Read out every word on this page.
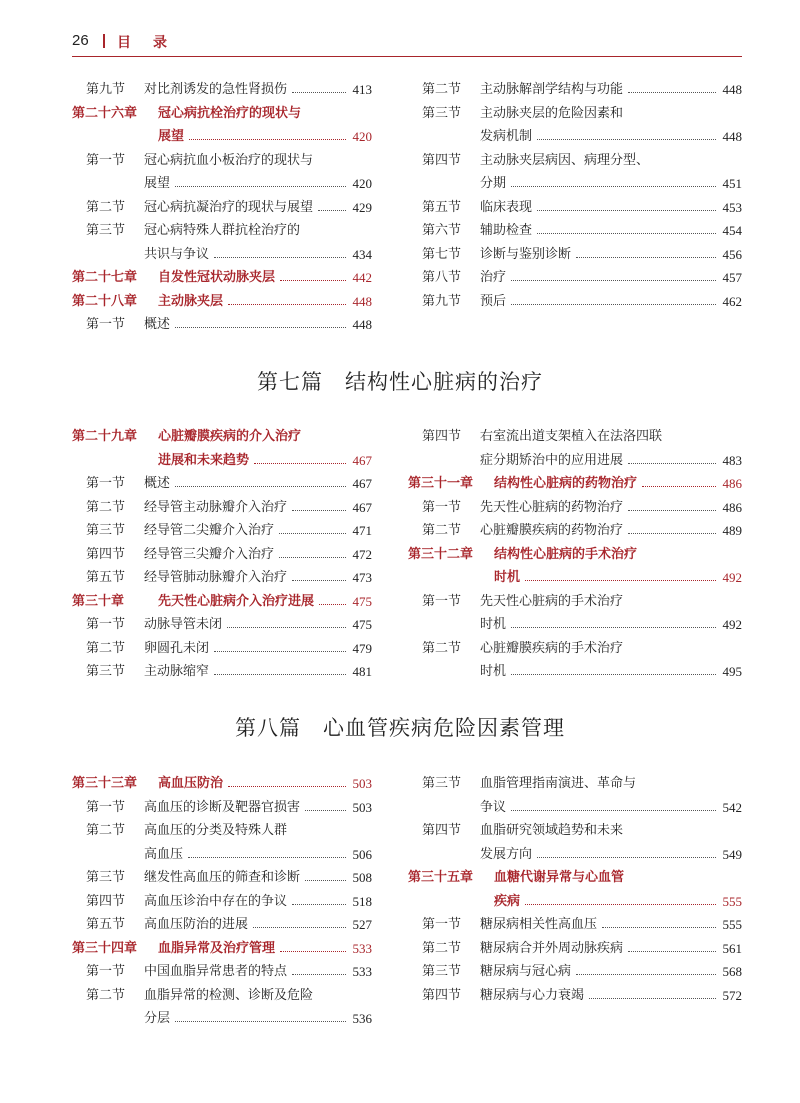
26 目录
第九节 对比剂诱发的急性肾损伤	413
第二十六章 冠心病抗栓治疗的现状与
展望	420
第一节 冠心病抗血小板治疗的现状与
展望	420
第二节 冠心病抗凝治疗的现状与展望	429
第三节 冠心病特殊人群抗栓治疗的
共识与争议	434
第二十七章 自发性冠状动脉夹层	442
第二十八章 主动脉夹层	448
第一节 概述	448
第二节 主动脉解剖学结构与功能	448
第三节 主动脉夹层的危险因素和
发病机制	448
第四节 主动脉夹层病因、病理分型、
分期	451
第五节 临床表现	453
第六节 辅助检查	454
第七节 诊断与鉴别诊断	456
第八节 治疗	457
第九节 预后	462
第七篇　结构性心脏病的治疗
第二十九章 心脏瓣膜疾病的介入治疗
进展和未来趋势	467
第一节 概述	467
第二节 经导管主动脉瓣介入治疗	467
第三节 经导管二尖瓣介入治疗	471
第四节 经导管三尖瓣介入治疗	472
第五节 经导管肺动脉瓣介入治疗	473
第三十章	先天性心脏病介入治疗进展	475
第一节 动脉导管未闭	475
第二节 卵圆孔未闭	479
第三节 主动脉缩窄	481
第四节 右室流出道支架植入在法洛四联
症分期矫治中的应用进展	483
第三十一章 结构性心脏病的药物治疗	486
第一节 先天性心脏病的药物治疗	486
第二节 心脏瓣膜疾病的药物治疗	489
第三十二章 结构性心脏病的手术治疗
时机	492
第一节 先天性心脏病的手术治疗
时机	492
第二节 心脏瓣膜疾病的手术治疗
时机	495
第八篇　心血管疾病危险因素管理
第三十三章 高血压防治	503
第一节 高血压的诊断及靶器官损害	503
第二节 高血压的分类及特殊人群
高血压	506
第三节 继发性高血压的筛查和诊断	508
第四节 高血压诊治中存在的争议	518
第五节 高血压防治的进展	527
第三十四章 血脂异常及治疗管理	533
第一节 中国血脂异常患者的特点	533
第二节 血脂异常的检测、诊断及危险
分层	536
第三节 血脂管理指南演进、革命与
争议	542
第四节 血脂研究领域趋势和未来
发展方向	549
第三十五章 血糖代谢异常与心血管
疾病	555
第一节 糖尿病相关性高血压	555
第二节 糖尿病合并外周动脉疾病	561
第三节 糖尿病与冠心病	568
第四节 糖尿病与心力衰竭	572
